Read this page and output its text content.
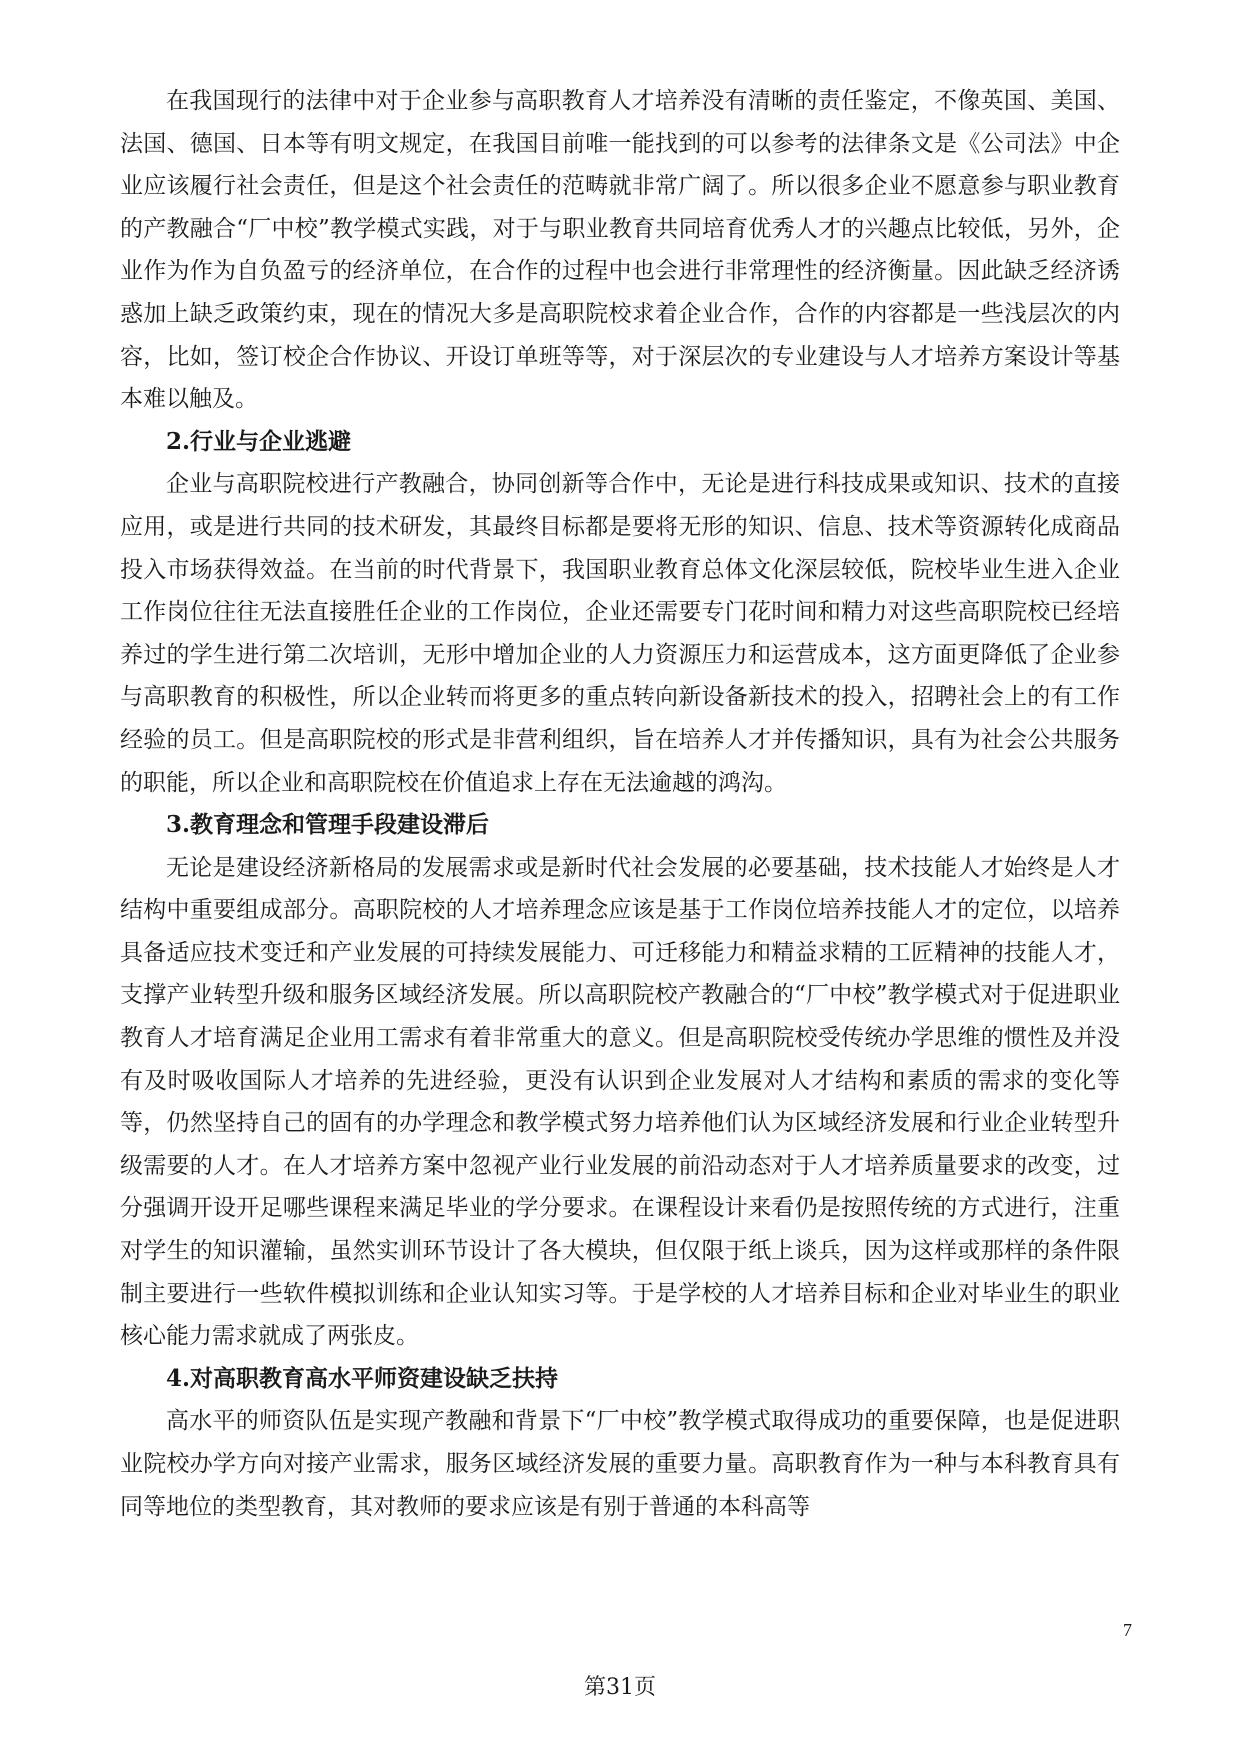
在我国现行的法律中对于企业参与高职教育人才培养没有清晰的责任鉴定，不像英国、美国、法国、德国、日本等有明文规定，在我国目前唯一能找到的可以参考的法律条文是《公司法》中企业应该履行社会责任，但是这个社会责任的范畴就非常广阔了。所以很多企业不愿意参与职业教育的产教融合“厂中校”教学模式实践，对于与职业教育共同培育优秀人才的兴趣点比较低，另外，企业作为作为自负盈亏的经济单位，在合作的过程中也会进行非常理性的经济衡量。因此缺乏经济诱惑加上缺乏政策约束，现在的情况大多是高职院校求着企业合作，合作的内容都是一些浅层次的内容，比如，签订校企合作协议、开设订单班等等，对于深层次的专业建设与人才培养方案设计等基本难以触及。

2.行业与企业逃避

企业与高职院校进行产教融合，协同创新等合作中，无论是进行科技成果或知识、技术的直接应用，或是进行共同的技术研发，其最终目标都是要将无形的知识、信息、技术等资源转化成商品投入市场获得效益。在当前的时代背景下，我国职业教育总体文化深层较低，院校毕业生进入企业工作岗位往往无法直接胜任企业的工作岗位，企业还需要专门花时间和精力对这些高职院校已经培养过的学生进行第二次培训，无形中增加企业的人力资源压力和运营成本，这方面更降低了企业参与高职教育的积极性，所以企业转而将更多的重点转向新设备新技术的投入，招聘社会上的有工作经验的员工。但是高职院校的形式是非营利组织，旨在培养人才并传播知识，具有为社会公共服务的职能，所以企业和高职院校在价值追求上存在无法逾越的鸿沟。

3.教育理念和管理手段建设滞后

无论是建设经济新格局的发展需求或是新时代社会发展的必要基础，技术技能人才始终是人才结构中重要组成部分。高职院校的人才培养理念应该是基于工作岗位培养技能人才的定位，以培养具备适应技术变迁和产业发展的可持续发展能力、可迁移能力和精益求精的工匠精神的技能人才，支撑产业转型升级和服务区域经济发展。所以高职院校产教融合的“厂中校”教学模式对于促进职业教育人才培育满足企业用工需求有着非常重大的意义。但是高职院校受传统办学思维的惯性及并没有及时吸收国际人才培养的先进经验，更没有认识到企业发展对人才结构和素质的需求的变化等等，仍然坚持自己的固有的办学理念和教学模式努力培养他们认为区域经济发展和行业企业转型升级需要的人才。在人才培养方案中忽视产业行业发展的前沿动态对于人才培养质量要求的改变，过分强调开设开足哪些课程来满足毕业的学分要求。在课程设计来看仍是按照传统的方式进行，注重对学生的知识灌输，虽然实训环节设计了各大模块，但仅限于纸上谈兵，因为这样或那样的条件限制主要进行一些软件模拟训练和企业认知实习等。于是学校的人才培养目标和企业对毕业生的职业核心能力需求就成了两张皮。

4.对高职教育高水平师资建设缺乏扶持

高水平的师资队伍是实现产教融和背景下“厂中校”教学模式取得成功的重要保障，也是促进职业院校办学方向对接产业需求，服务区域经济发展的重要力量。高职教育作为一种与本科教育具有同等地位的类型教育，其对教师的要求应该是有别于普通的本科高等

7
第31页
